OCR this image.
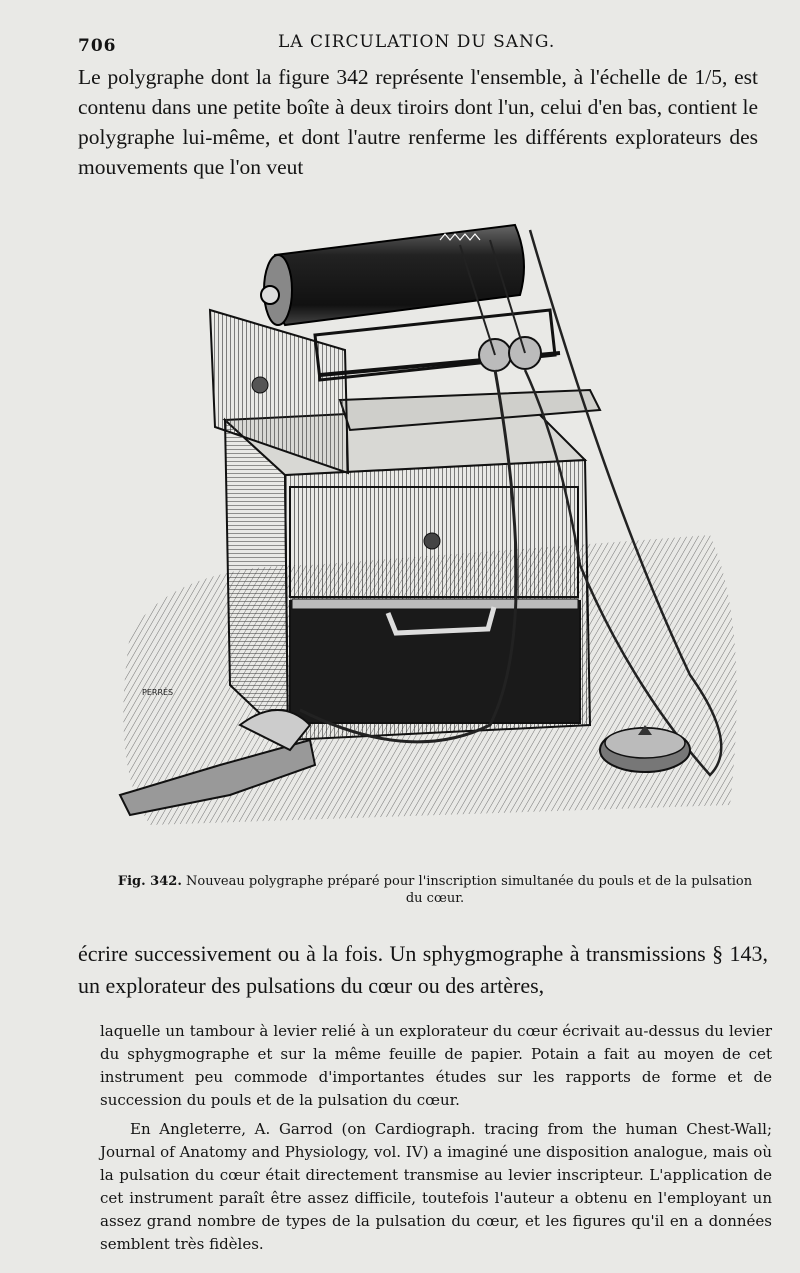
706	LA CIRCULATION DU SANG.
Le polygraphe dont la figure 342 représente l'ensemble, à l'échelle de 1/5, est contenu dans une petite boîte à deux tiroirs dont l'un, celui d'en bas, contient le polygraphe lui-même, et dont l'autre renferme les différents explorateurs des mouvements que l'on veut
PERRÈS
Fig. 342. Nouveau polygraphe préparé pour l'inscription simultanée du pouls et de la pulsation du cœur.
écrire successivement ou à la fois. Un sphygmographe à transmissions § 143, un explorateur des pulsations du cœur ou des artères,

laquelle un tambour à levier relié à un explorateur du cœur écrivait au-dessus du levier du sphygmographe et sur la même feuille de papier. Potain a fait au moyen de cet instrument peu commode d'importantes études sur les rapports de forme et de succession du pouls et de la pulsation du cœur.

En Angleterre, A. Garrod (on Cardiograph. tracing from the human Chest-Wall; Journal of Anatomy and Physiology, vol. IV) a imaginé une disposition analogue, mais où la pulsation du cœur était directement transmise au levier inscripteur. L'application de cet instrument paraît être assez difficile, toutefois l'auteur a obtenu en l'employant un assez grand nombre de types de la pulsation du cœur, et les figures qu'il en a données semblent très fidèles.
